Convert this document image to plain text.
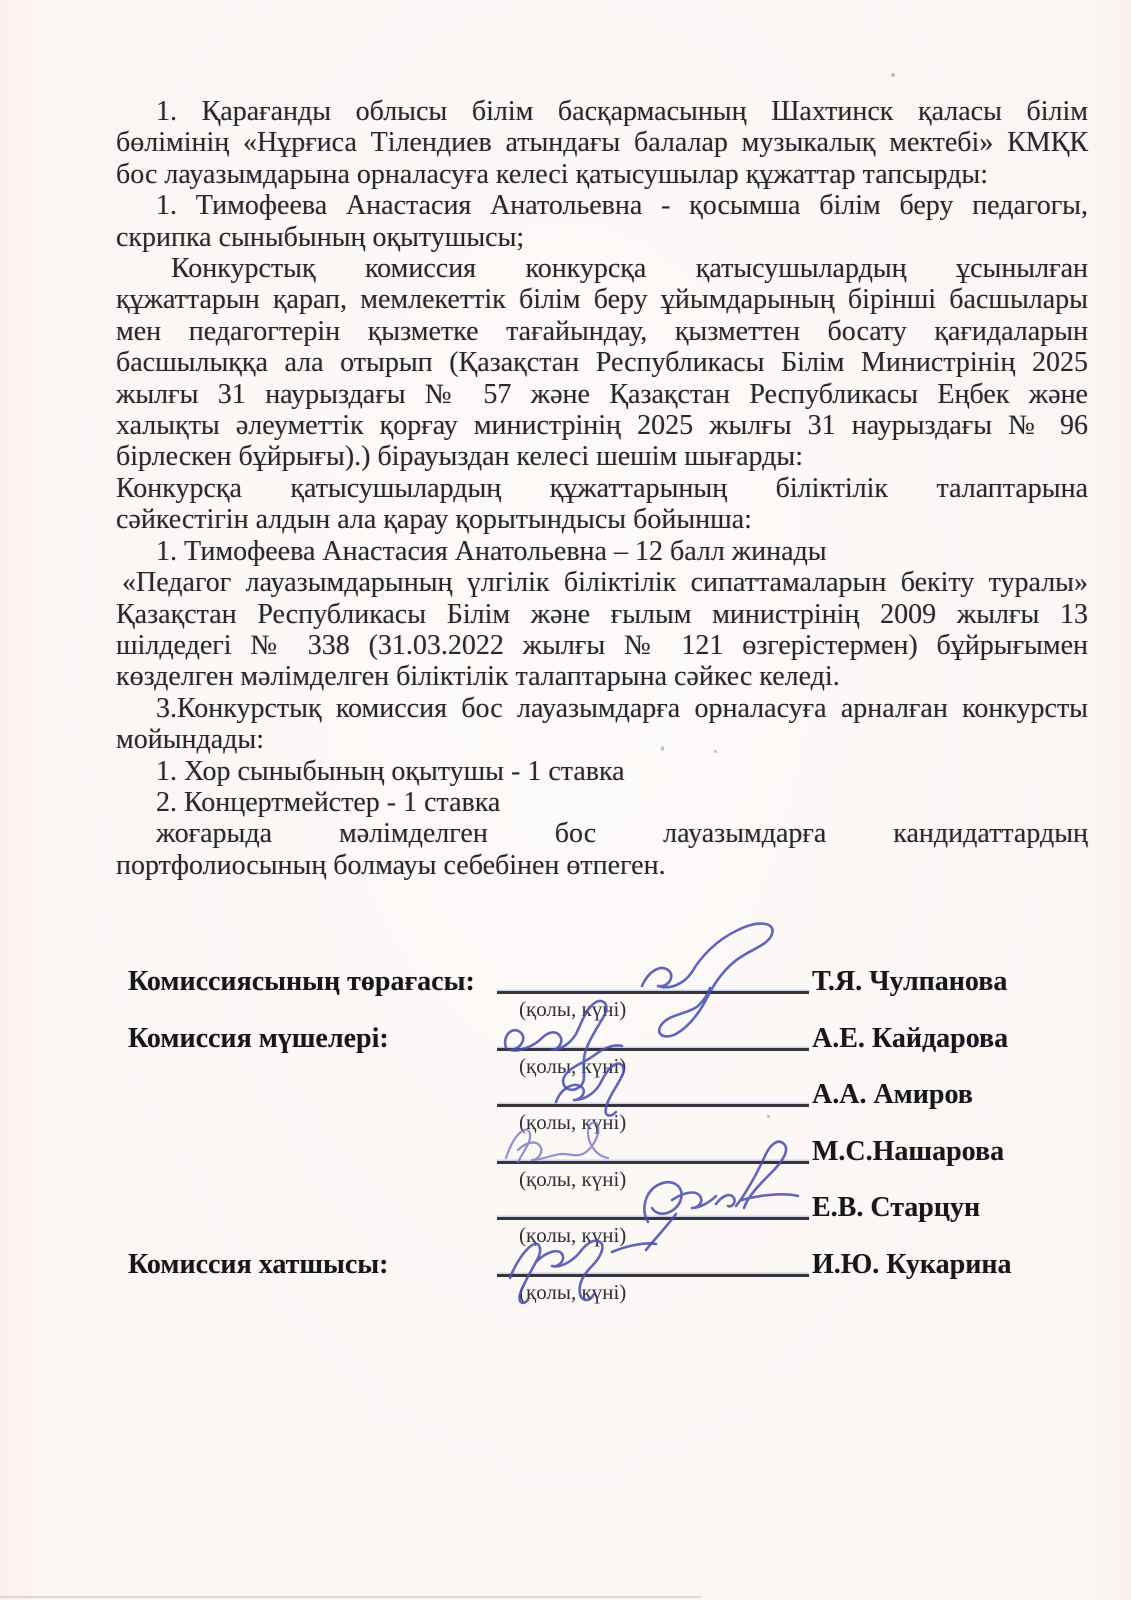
1. Қарағанды облысы білім басқармасының Шахтинск қаласы білім
бөлімінің «Нұрғиса Тілендиев атындағы балалар музыкалық мектебі» КМҚК
бос лауазымдарына орналасуға келесі қатысушылар құжаттар тапсырды:
1. Тимофеева Анастасия Анатольевна - қосымша білім беру педагогы,
скрипка сыныбының оқытушысы;
Конкурстық комиссия конкурсқа қатысушылардың ұсынылған
құжаттарын қарап, мемлекеттік білім беру ұйымдарының бірінші басшылары
мен педагогтерін қызметке тағайындау, қызметтен босату қағидаларын
басшылыққа ала отырып (Қазақстан Республикасы Білім Министрінің 2025
жылғы 31 наурыздағы № 57 және Қазақстан Республикасы Еңбек және
халықты әлеуметтік қорғау министрінің 2025 жылғы 31 наурыздағы № 96
бірлескен бұйрығы).) бірауыздан келесі шешім шығарды:
Конкурсқа қатысушылардың құжаттарының біліктілік талаптарына
сәйкестігін алдын ала қарау қорытындысы бойынша:
1. Тимофеева Анастасия Анатольевна – 12 балл жинады
«Педагог лауазымдарының үлгілік біліктілік сипаттамаларын бекіту туралы»
Қазақстан Республикасы Білім және ғылым министрінің 2009 жылғы 13
шілдедегі № 338 (31.03.2022 жылғы № 121 өзгерістермен) бұйрығымен
көзделген мәлімделген біліктілік талаптарына сәйкес келеді.
3.Конкурстық комиссия бос лауазымдарға орналасуға арналған конкурсты
мойындады:
1. Хор сыныбының оқытушы - 1 ставка
2. Концертмейстер - 1 ставка
жоғарыда мәлімделген бос лауазымдарға кандидаттардың
портфолиосының болмауы себебінен өтпеген.
Комиссиясының төрағасы:	Т.Я. Чулпанова
(қолы, күні)
Комиссия мүшелері:	А.Е. Кайдарова
(қолы, күні)
А.А. Амиров
(қолы, күні)
М.С.Нашарова
(қолы, күні)
Е.В. Старцун
(қолы, күні)
Комиссия хатшысы:	И.Ю. Кукарина
(қолы, күні)
